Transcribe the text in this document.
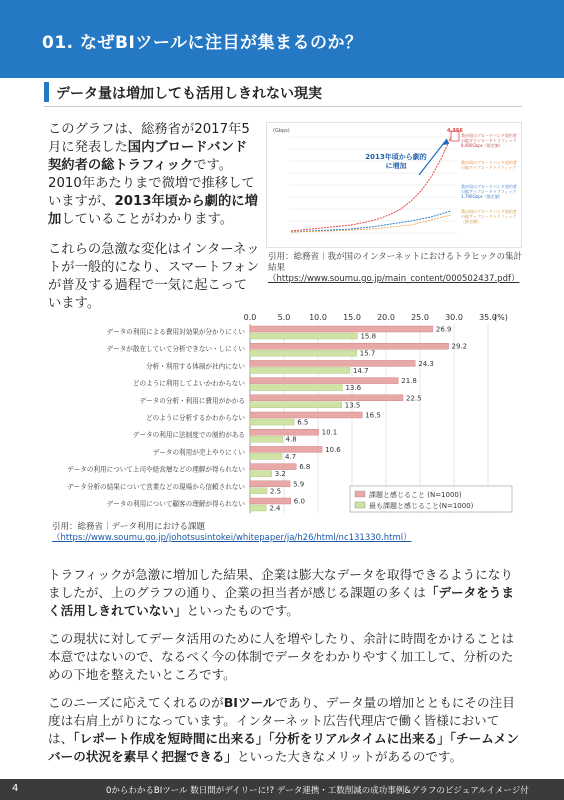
01. なぜBIツールに注目が集まるのか？
データ量は増加しても活用しきれない現実

このグラフは、総務省が2017年5月に発表した国内ブロードバンド契約者の総トラフィックです。2010年あたりまで微増で推移していますが、2013年頃から劇的に増加していることがわかります。

これらの急激な変化はインターネットが一般的になり、スマートフォンが普及する過程で一気に起こっています。

(Gbps)	4,356
2013年頃から劇的に増加
我が国のブロードバンド契約者の総ダウンロードトラフィック 8,980Gbps（推定値）
我が国のブロードバンド契約者の総アップロードトラフィック
我が国のブロードバンド契約者の総アップロードトラフィック 1,790Gbps（推定値）
我が国のブロードバンド契約者の総アップロードトラフィック（推定値）
引用：総務省｜我が国のインターネットにおけるトラヒックの集計結果
（https://www.soumu.go.jp/main_content/000502437.pdf）
0.0	5.0 10.0 15.0 20.0 25.0 30.0 35.0
(%)
データの利用による費用対効果が分かりにくい	26.9
15.8
データが散在していて分析できない・しにくい	29.2
15.7
分析・利用する体制が社内にない	24.3
14.7
どのように利用してよいかわからない	21.8
13.6
データの分析・利用に費用がかかる	22.5
13.5
どのように分析するかわからない	16.5
6.5
データの利用に法制度での制約がある	10.1
4.8
データの利用が売上やりにくい	10.6
4.7
データの利用について上司や経営層などの理解が得られない	6.8
3.2
データ分析の結果について営業などの現場から信頼されない	5.9
2.5
データの利用について顧客の理解が得られない	6.0
2.4
課題と感じること (N=1000)
最も課題と感じること(N=1000)
引用：総務省｜データ利用における課題
（https://www.soumu.go.jp/johotsusintokei/whitepaper/ja/h26/html/nc131330.html）

トラフィックが急激に増加した結果、企業は膨大なデータを取得できるようになりましたが、上のグラフの通り、企業の担当者が感じる課題の多くは「データをうまく活用しきれていない」といったものです。

この現状に対してデータ活用のために人を増やしたり、余計に時間をかけることは本意ではないので、なるべく今の体制でデータをわかりやすく加工して、分析のための下地を整えたいところです。

このニーズに応えてくれるのがBIツールであり、データ量の増加とともにその注目度は右肩上がりになっています。インターネット広告代理店で働く皆様においては、「レポート作成を短時間に出来る」「分析をリアルタイムに出来る」「チームメンバーの状況を素早く把握できる」といった大きなメリットがあるのです。

4	0からわかるBIツール 数日間がデイリーに!? データ連携・工数削減の成功事例&グラフのビジュアルイメージ付
